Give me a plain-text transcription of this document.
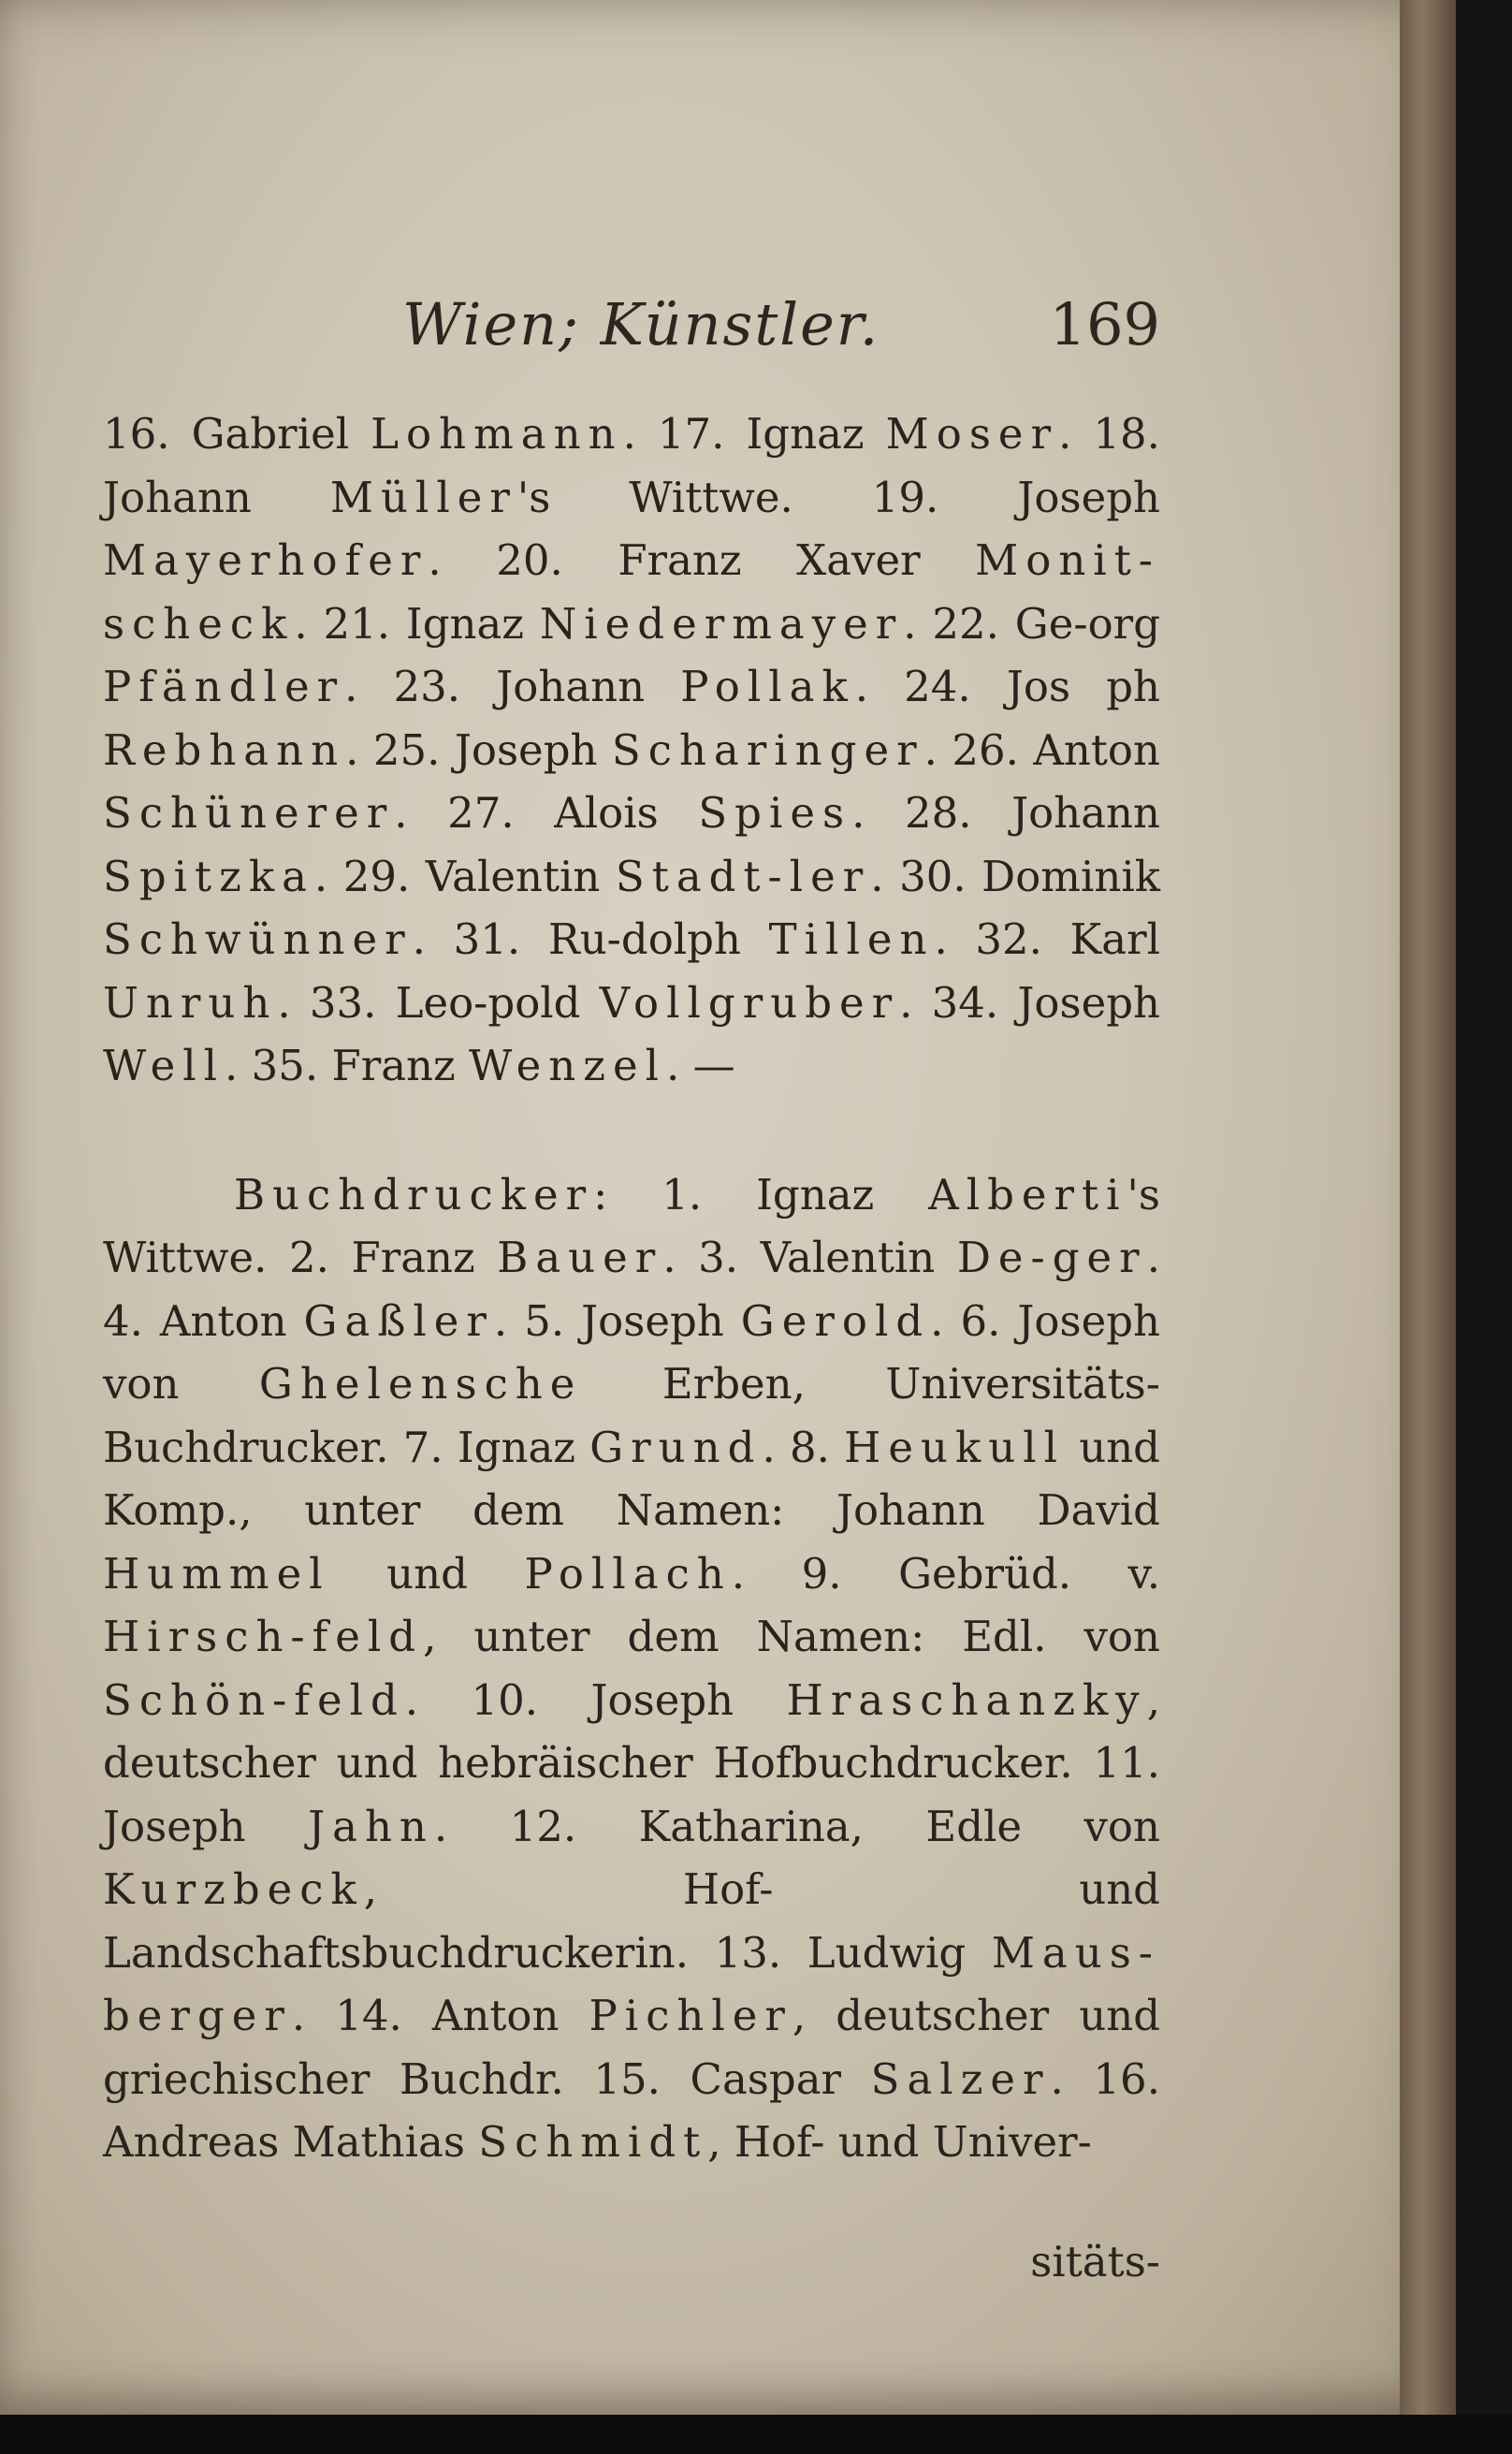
Wien; Künstler.	169

16. Gabriel Lohmann. 17. Ignaz Moser. 18. Johann Müller's Wittwe. 19. Joseph Mayerhofer. 20. Franz Xaver Monit-scheck. 21. Ignaz Niedermayer. 22. Ge-org Pfändler. 23. Johann Pollak. 24. Jos ph Rebhann. 25. Joseph Scharinger. 26. Anton Schünerer. 27. Alois Spies. 28. Johann Spitzka. 29. Valentin Stadt-ler. 30. Dominik Schwünner. 31. Ru-dolph Tillen. 32. Karl Unruh. 33. Leo-pold Vollgruber. 34. Joseph Well. 35. Franz Wenzel. —

Buchdrucker: 1. Ignaz Alberti's Wittwe. 2. Franz Bauer. 3. Valentin De-ger. 4. Anton Gaßler. 5. Joseph Gerold. 6. Joseph von Ghelensche Erben, Universitäts-Buchdrucker. 7. Ignaz Grund. 8. Heukull und Komp., unter dem Namen: Johann David Hummel und Pollach. 9. Gebrüd. v. Hirsch-feld, unter dem Namen: Edl. von Schön-feld. 10. Joseph Hraschanzky, deutscher und hebräischer Hofbuchdrucker. 11. Joseph Jahn. 12. Katharina, Edle von Kurzbeck, Hof- und Landschaftsbuchdruckerin. 13. Ludwig Maus-berger. 14. Anton Pichler, deutscher und griechischer Buchdr. 15. Caspar Salzer. 16. Andreas Mathias Schmidt, Hof- und Univer-

sitäts-
